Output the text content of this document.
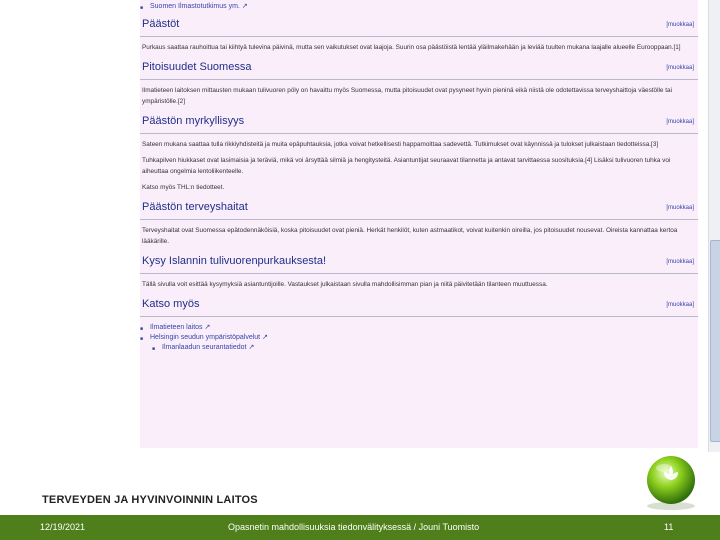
■ Suomen Ilmastotutkimus ym. ↗
Päästöt	[muokkaa]

Purkaus saattaa rauhoittua tai kiihtyä tulevina päivinä, mutta sen vaikutukset ovat laajoja. Suurin osa päästöistä lentää yläilmakehään ja leviää tuulten mukana laajalle alueelle Eurooppaan.[1]

Pitoisuudet Suomessa	[muokkaa]

Ilmatieteen laitoksen mittausten mukaan tulivuoren pöly on havaittu myös Suomessa, mutta pitoisuudet ovat pysyneet hyvin pieninä eikä niistä ole odotettavissa terveyshaittoja väestölle tai ympäristölle.[2]

Päästön myrkyllisyys	[muokkaa]

Sateen mukana saattaa tulla rikkiyhdisteitä ja muita epäpuhtauksia, jotka voivat hetkellisesti happamoittaa sadevettä. Tutkimukset ovat käynnissä ja tulokset julkaistaan tiedotteissa.[3]

Tuhkapilven hiukkaset ovat lasimaisia ja teräviä, mikä voi ärsyttää silmiä ja hengitysteitä. Asiantuntijat seuraavat tilannetta ja antavat tarvittaessa suosituksia.[4] Lisäksi tulivuoren tuhka voi aiheuttaa ongelmia lentoliikenteelle.

Katso myös THL:n tiedotteet.

Päästön terveyshaitat	[muokkaa]

Terveyshaitat ovat Suomessa epätodennäköisiä, koska pitoisuudet ovat pieniä. Herkät henkilöt, kuten astmaatikot, voivat kuitenkin oireilla, jos pitoisuudet nousevat. Oireista kannattaa kertoa lääkärille.

Kysy Islannin tulivuorenpurkauksesta!	[muokkaa]

Tällä sivulla voit esittää kysymyksiä asiantuntijoille. Vastaukset julkaistaan sivulla mahdollisimman pian ja niitä päivitetään tilanteen muuttuessa.

Katso myös	[muokkaa]
■ Ilmatieteen laitos ↗
■ Helsingin seudun ympäristöpalvelut ↗
■ Ilmanlaadun seurantatiedot ↗
TERVEYDEN JA HYVINVOINNIN LAITOS
12/19/2021	Opasnetin mahdollisuuksia tiedonvälityksessä / Jouni Tuomisto	11
